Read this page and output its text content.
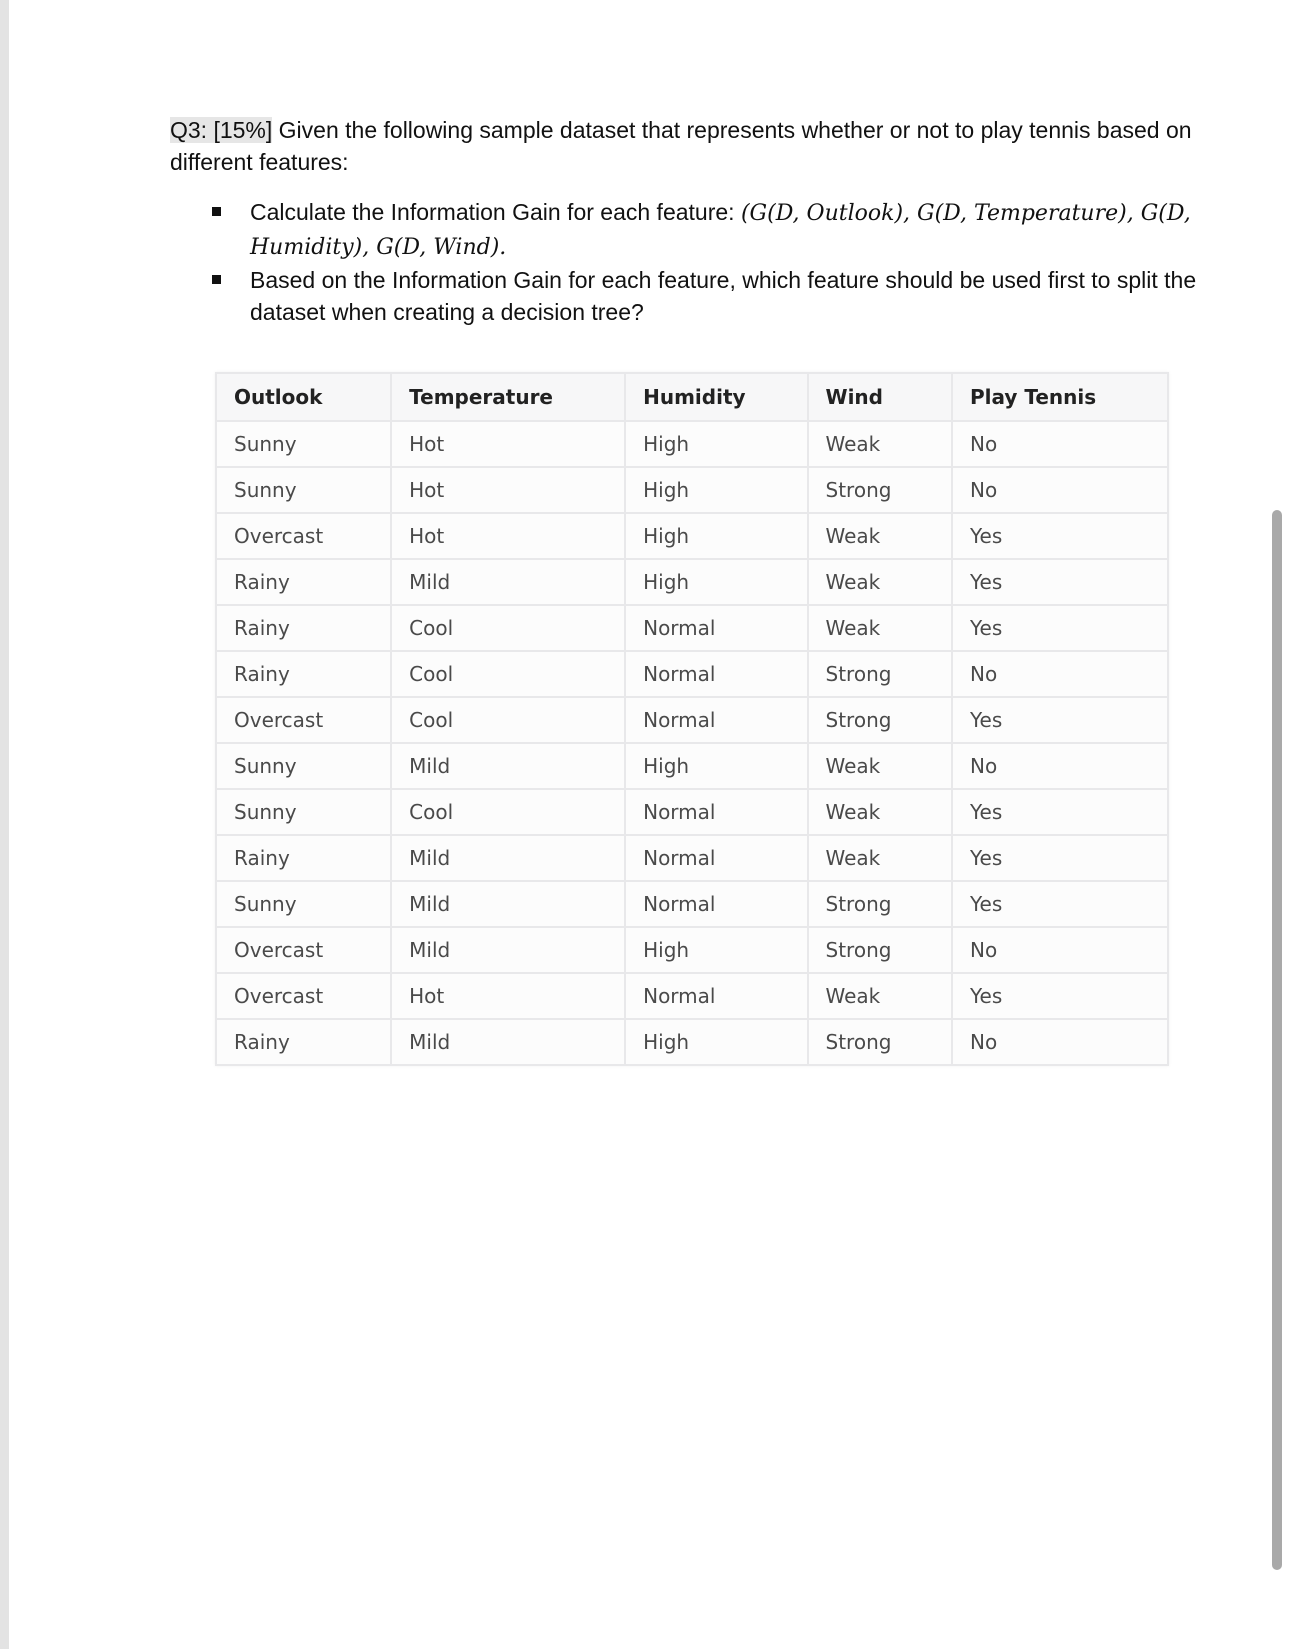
Q3: [15%] Given the following sample dataset that represents whether or not to play tennis based on different features:

Calculate the Information Gain for each feature: (G(D, Outlook), G(D, Temperature), G(D, Humidity), G(D, Wind).
Based on the Information Gain for each feature, which feature should be used first to split the dataset when creating a decision tree?
Outlook	Temperature	Humidity	Wind	Play Tennis
Sunny	Hot	High	Weak	No
Sunny	Hot	High	Strong	No
Overcast	Hot	High	Weak	Yes
Rainy	Mild	High	Weak	Yes
Rainy	Cool	Normal	Weak	Yes
Rainy	Cool	Normal	Strong	No
Overcast	Cool	Normal	Strong	Yes
Sunny	Mild	High	Weak	No
Sunny	Cool	Normal	Weak	Yes
Rainy	Mild	Normal	Weak	Yes
Sunny	Mild	Normal	Strong	Yes
Overcast	Mild	High	Strong	No
Overcast	Hot	Normal	Weak	Yes
Rainy	Mild	High	Strong	No
